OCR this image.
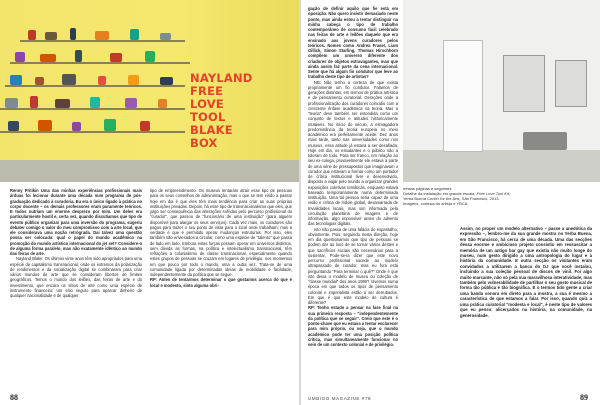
NAYLAND
FREE
LOVE
TOOL
BLAKE
BOX
Renny Pritikin Uma das minhas experiências profissionais mais árduas foi lecionar durante uma década num programa de pós-graduação dedicado à curadoria. Eu era o único ligado à prática no corpo docente – os demais professores eram puramente teóricos. E todos nutriam um enorme desprezo por mim. Um deles era particularmente hostil e, certa vez, quando discutíamos que tipo de evento público organizar para uma inversão do programa, sugeriu debater comigo o valor do meu compromisso com a arte local, que ele considerava uma noção retrógrada. Dai talvez uma questão possa ser colocada: qual o papel do mundo acadêmico na promoção do mundo artístico internacional do jet set? Considere-o de alguma forma paralelo, mas não exatamente idêntico ao mundo das feiras de arte.

Nayland Blake: Os últimos vinte anos têm sido apropriados para uma espécie de capitalismo transnacional, onde os extremos da polarização de rendimentos e da socialização digital se combinaram para criar vários mundos de arte que se consideram libertos de limites geográficos. Temos o mundo dos leilões, das feiras de arte e do investimento, que encara os sítios de arte como uma espécie de instrumento financeiro: um sítio seguro para aparcar dinheiro de qualquer nacionalidade e de qualquer

tipo de empreendimento. Os museus tentaram atrair esse tipo de pessoas para os seus conselhos de administração, mas o que se tem vindo a passar hoje em dia é que eles têm mais tendência para criar as suas próprias instituições privadas. Depois, há esse tipo de transnacionalismo que eles, que julgo ser consequência das alterações sofridas pelo percurso profissional do "curador", que passou de "funcionário de uma instituição" (para alguém disponível para alargar os seus serviços). Cada vez mais, os curadores são pagos para trazer o seu ponto de vista para o local onde trabalham; mas a verdade é que é permitido operar mudanças estruturais. Por isso, eles também são enviesados a circular, como uma espécie de "talento" que passa de lado em lado. Embora estas forças possam operar em universos distintos, sem dúvida as formas, na política e intelectualismo transnacional, têm refrações a colonialismo de classe transnacional, especialmente quando estes grupos de pessoas se cruzam em lugares de privilégio, nos momentos em que pouco por todo o mundo, uma a outra vez. Trata-se de uma comunidade ligada por determinadas ideias de mobilidade e facilidade, independentemente da política que se segue.

RP: Antes de tentarmos determinar o que gostamos acerca do que é local e modesto, sinto alguma obri-

88

gação de definir aquilo que fie está em oposição. Não quero insistir demasiado neste ponto, mas ainda estou a tentar distinguir na minha cabeça o tipo de trabalho contemporâneo de consumo fácil celebrado nas feiras de arte e leilões daquele que era ensinado aos jovens curadores pelos teóricos. Nomes como Andrea Fraser, Liam Gillick, Simon Starling, Thomas Hirschhorn compõem um universo diferente dos criadores de objetos extravagantes, mas que ainda assim faz parte da cena internacional. Sente que há algum fio condutor que leve ao trabalho deste tipo de artistas?

NB: Não tenho a certeza de que exista propriamente um fio condutor. Falamos de gerações distintas, em termos de prática artística e de pensamento curatorial. Gerações onde a profissionalização dos curadores coincidiu com a crescente ênfase académica na teoria. Mas a "teoria" deve também ser entendida como um conjunto de textos e atitudes historicamente mutáveis. No início do século, a esmagadora predominância da teoria europeia no meio académico era perfeitamente aceite. Dez anos mais tarde, tanto nas universidades como nos museus, essa atitude já estava a ser desafiada. Hoje em dia, os estudantes e o público não a toleram de todo. Para ser franco, em relação ao seu ex-colega, provavelmente ele estava a parte de uma série de pressupostos que imaginavam o curador que estavam a formar como um portador de crítica institucional livre e desenvolvido, disposto a viajar pelo mundo a organizar grandes exposições coletivas temáticas, enquanto estava baseado temporariamente numa determinada instituição. Uma tal pessoa seria capaz de uma visão e crítica de índole global, desamarrada de trivialidades locais, mas sim informada pela circulação planetária de imagens e de informação, algo impossível antes do advento das tecnologias digitais.

Isto não passa de uma falácia do espantalho, obviamente. Pois, seguindo nesta direção, hoje em dia questionamos que tipo de pessoas se podem dar ao luxo de se tornar vários destes e que sacrifícios sociais são necessários para a sustentar. Pode-se-ia dizer que este novo percurso profissional sucede ao modelo ultrapassado de curador, mas eu fora está perguntando "Para terminar o quê?" Onde é que isto deixa o modelo de museu ou coleção de "classe mundial" dos anos 1990? Vivemos numa época em que todos os tipos de pensamento colonial e imperialista estão a ser derrubados. Em que é que este modelo de cultura é diferente?

RP: Tenho estado a pensar na fase final na sua primeira resposta – "independentemente da política que se seguir". Creio que este é o ponto-chave que eu estava a tentar esclarecer para mim próprio, ou seja, que o mundo académico pode ter uma posição política crítica, mas simultaneamente funcionar no seio de um contexto colonial e de privilégio.

nestas páginas e seguintes
Detalhe da instalação em grande escala, Free Love Tool Kit, Yerba Buena Center for the Arts, São Francisco, 2013. Imagens, cortesia do artista e YBCA.

Assim, no proper um modelo alternativo – passe a anedótica da expressão –, lembro-me da sua grande mostra no Yerba Buena, em São Francisco, há cerca de uma década. Uma das secções dessa enorme e ambicioso projeto consistiu em ressuscitar a memória de um antigo bar gay que existia não muito longe do museu, num gesto dirigido a uma antropologia do lugar e à história da comunidade. E outra secção os visitantes eram convidados a utilizarem a banca do DJ que você instalou, incluindo a sua coleção pessoal de discos de vinil. Foi algo muito marcante, não só pela sua maravilhosa interatividade, mas também pelo vulnerabilidade de partilhar o seu gosto musical de forma tão pública e tão biográfica. E o termos tido gente a criar uma banda sonora em direto para a mostra, a sua é mesmo a característica de que estamos a falar. Por isso, quando quiz a uma prática curatorial "modesta e local", é neste tipo de valores que eu penso: alicerçados na história, na comunidade, na generosidade.

UMBIGO MAGAZINE #78	89
